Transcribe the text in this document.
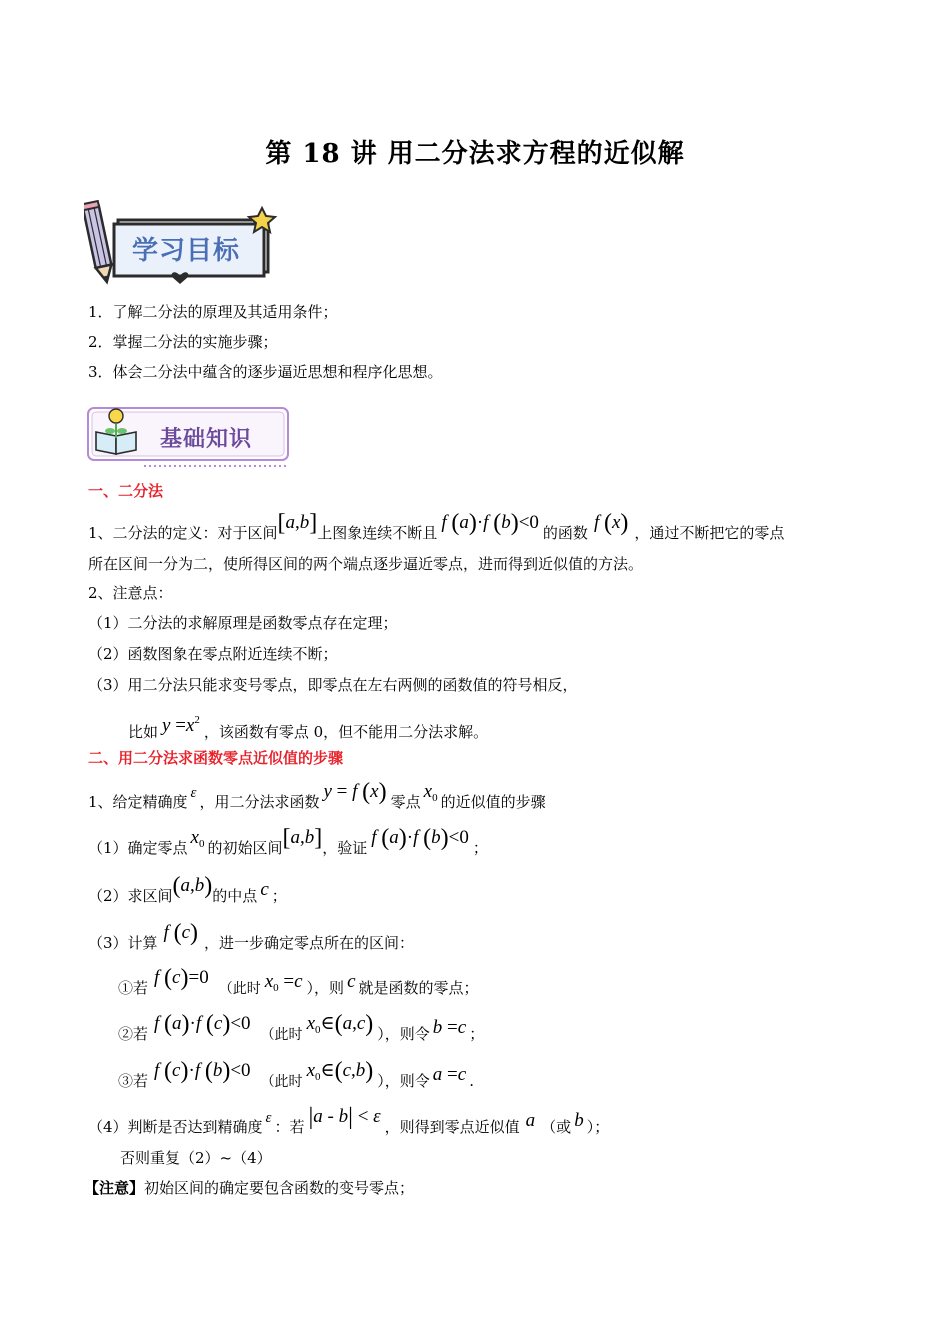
第 18 讲 用二分法求方程的近似解
学习目标
1．了解二分法的原理及其适用条件；
2．掌握二分法的实施步骤；
3．体会二分法中蕴含的逐步逼近思想和程序化思想。
基础知识
一、二分法
1、二分法的定义：对于区间[a,b]上图象连续不断且 f (a)·f (b)<0 的函数 f (x) ，通过不断把它的零点
所在区间一分为二，使所得区间的两个端点逐步逼近零点，进而得到近似值的方法。
2、注意点：
（1）二分法的求解原理是函数零点存在定理；
（2）函数图象在零点附近连续不断；
（3）用二分法只能求变号零点，即零点在左右两侧的函数值的符号相反，
比如 $y =x^2$，该函数有零点 0，但不能用二分法求解。
二、用二分法求函数零点近似值的步骤
1、给定精确度 ε ，用二分法求函数 y = f (x) 零点 $x_0$ 的近似值的步骤
（1）确定零点 $x_0$ 的初始区间[a,b]，验证 f (a)·f (b)<0 ；
（2）求区间(a,b)的中点 c ；
（3）计算 f (c) ，进一步确定零点所在的区间：
①若 f (c)=0（此时 $x_0 =c$ ），则 c 就是函数的零点；
②若 f (a)·f (c)<0（此时$x_0\in(a,c)$ ），则令 b =c ；
③若 f (c)·f (b)<0（此时$x_0\in(c,b)$ ），则令 a =c .
（4）判断是否达到精确度 ε ：若 |a - b| < ε ，则得到零点近似值 a （或 b ）；
否则重复（2）~（4）
【注意】初始区间的确定要包含函数的变号零点；
